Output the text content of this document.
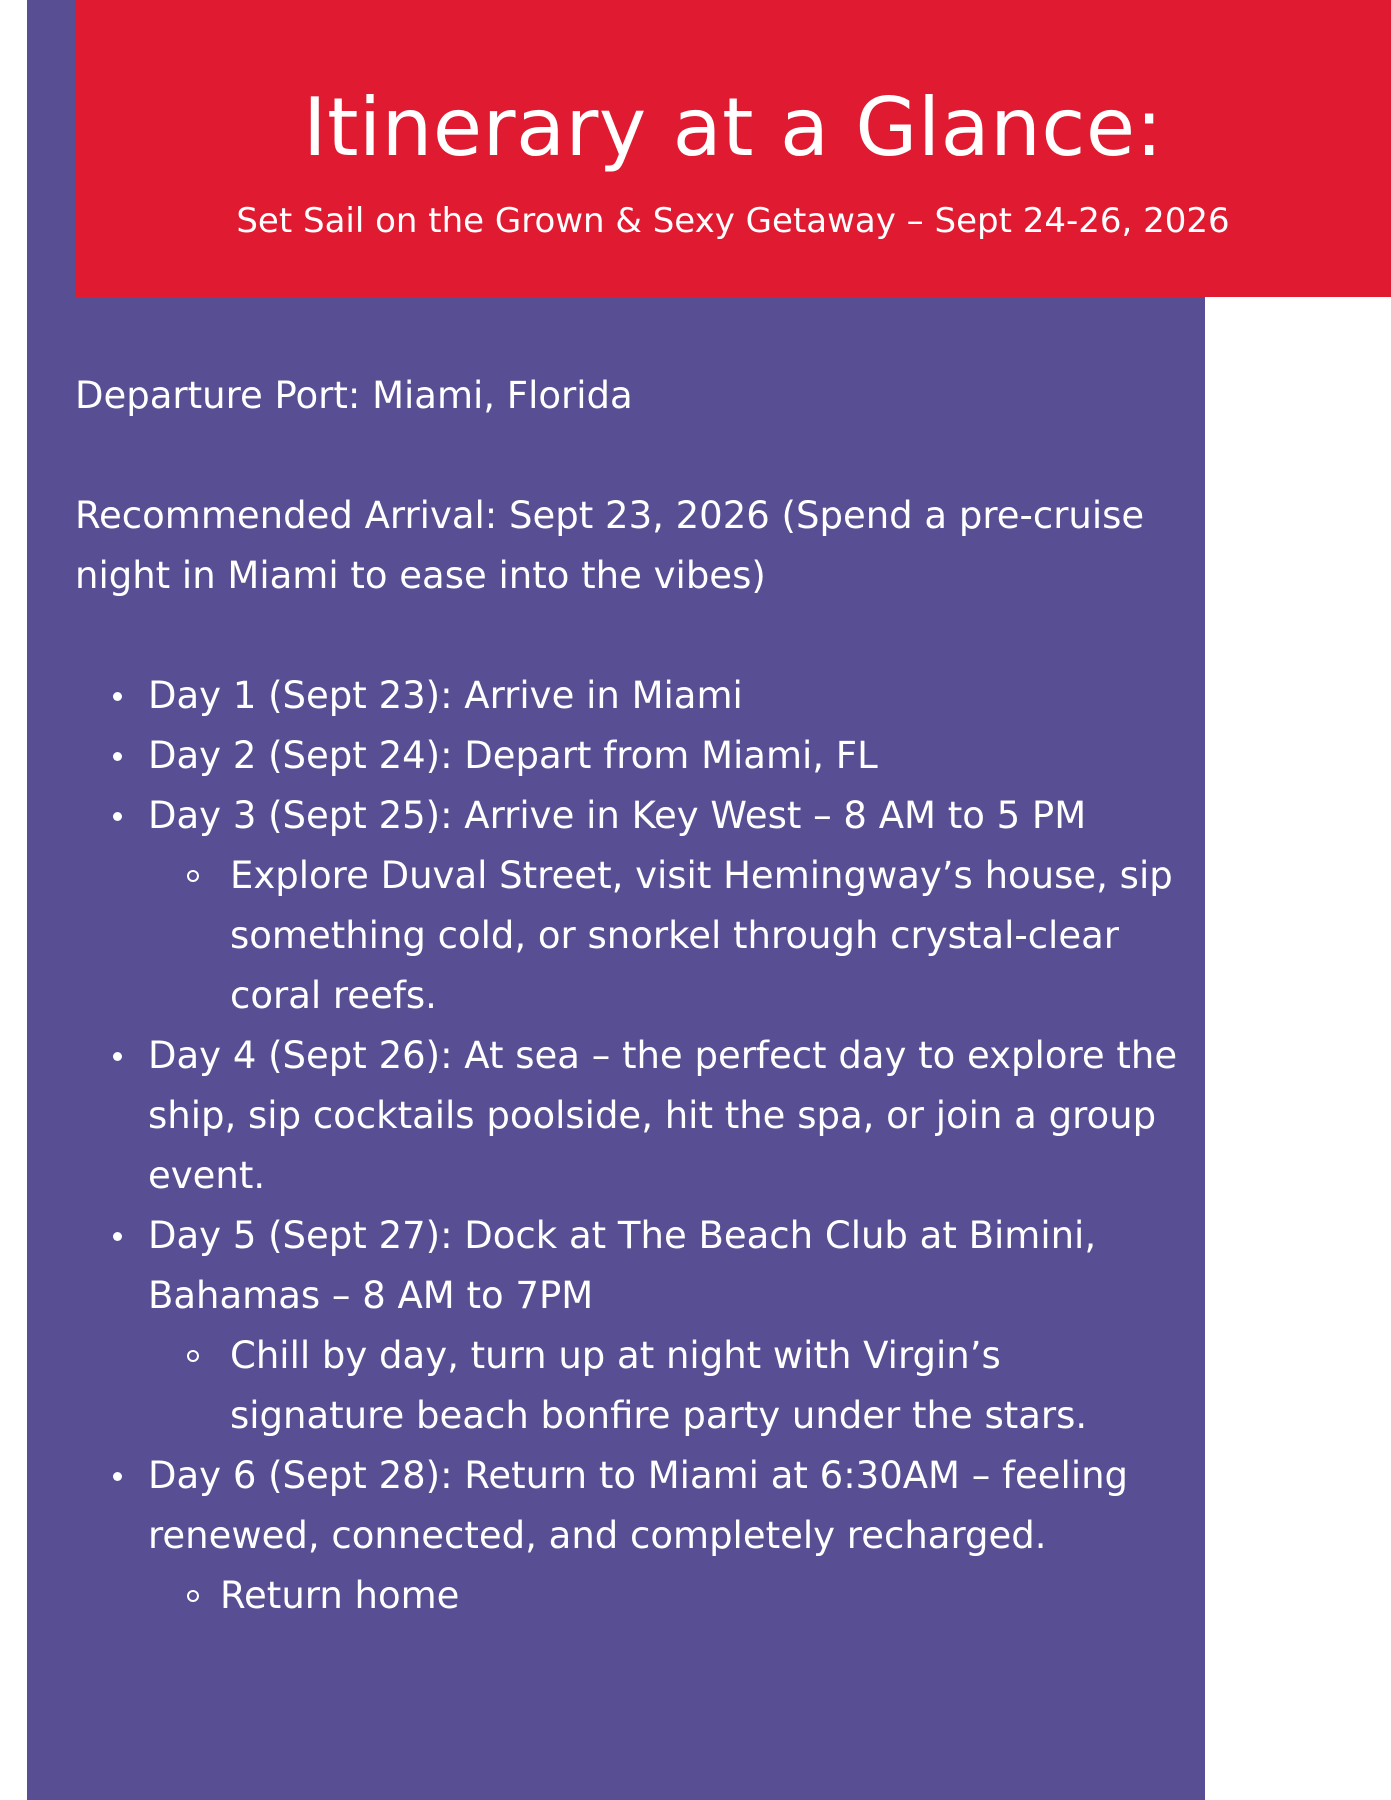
Itinerary at a Glance:

Set Sail on the Grown & Sexy Getaway – Sept 24-26, 2026

Departure Port: Miami, Florida

Recommended Arrival: Sept 23, 2026 (Spend a pre-cruise night in Miami to ease into the vibes)

Day 1 (Sept 23): Arrive in Miami
Day 2 (Sept 24): Depart from Miami, FL
Day 3 (Sept 25): Arrive in Key West – 8 AM to 5 PM
Explore Duval Street, visit Hemingway’s house, sip something cold, or snorkel through crystal-clear coral reefs.
Day 4 (Sept 26): At sea – the perfect day to explore the ship, sip cocktails poolside, hit the spa, or join a group event.
Day 5 (Sept 27): Dock at The Beach Club at Bimini, Bahamas – 8 AM to 7PM
Chill by day, turn up at night with Virgin’s signature beach bonfire party under the stars.
Day 6 (Sept 28): Return to Miami at 6:30AM – feeling renewed, connected, and completely recharged.
Return home
